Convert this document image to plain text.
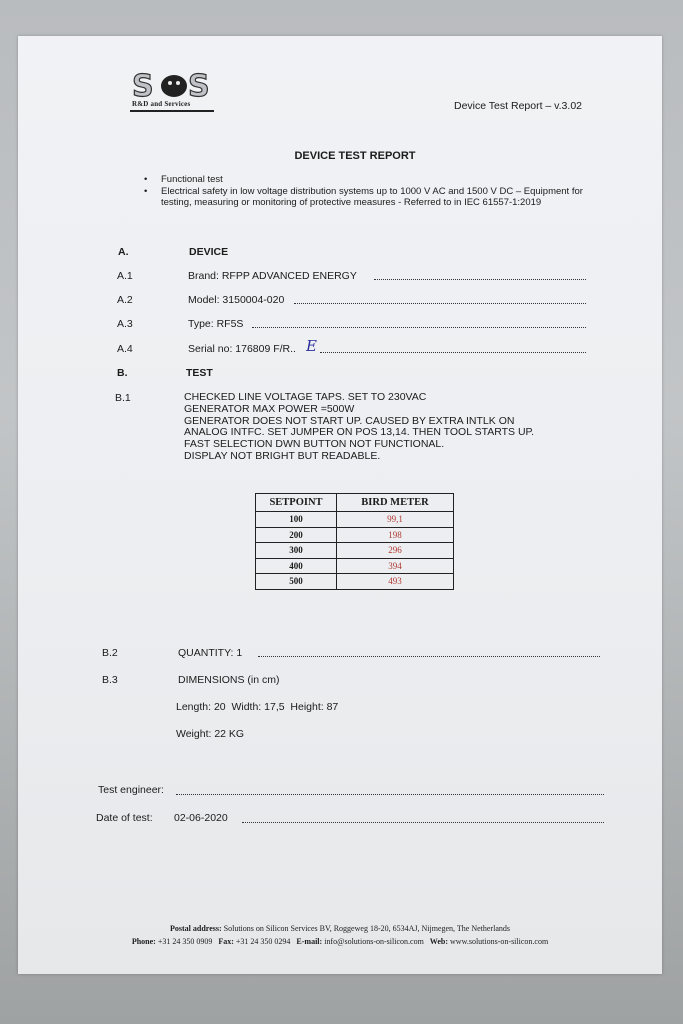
S S
R&D and Services	Device Test Report – v.3.02
DEVICE TEST REPORT
• Functional test
• Electrical safety in low voltage distribution systems up to 1000 V AC and 1500 V DC – Equipment for testing, measuring or monitoring of protective measures - Referred to in IEC 61557-1:2019
A.	DEVICE
A.1	Brand: RFPP ADVANCED ENERGY
A.2	Model: 3150004-020
A.3	Type: RF5S
A.4	Serial no: 176809 F/R.. E
B.	TEST
B.1	CHECKED LINE VOLTAGE TAPS. SET TO 230VAC
GENERATOR MAX POWER =500W
GENERATOR DOES NOT START UP. CAUSED BY EXTRA INTLK ON
ANALOG INTFC. SET JUMPER ON POS 13,14. THEN TOOL STARTS UP.
FAST SELECTION DWN BUTTON NOT FUNCTIONAL.
DISPLAY NOT BRIGHT BUT READABLE.
SETPOINT	BIRD METER
100	99,1
200	198
300	296
400	394
500	493
B.2	QUANTITY: 1
B.3	DIMENSIONS (in cm)
Length: 20  Width: 17,5  Height: 87
Weight: 22 KG
Test engineer:
Date of test: 02-06-2020
Postal address: Solutions on Silicon Services BV, Roggeweg 18-20, 6534AJ, Nijmegen, The Netherlands
Phone: +31 24 350 0909 Fax: +31 24 350 0294 E-mail: info@solutions-on-silicon.com Web: www.solutions-on-silicon.com
